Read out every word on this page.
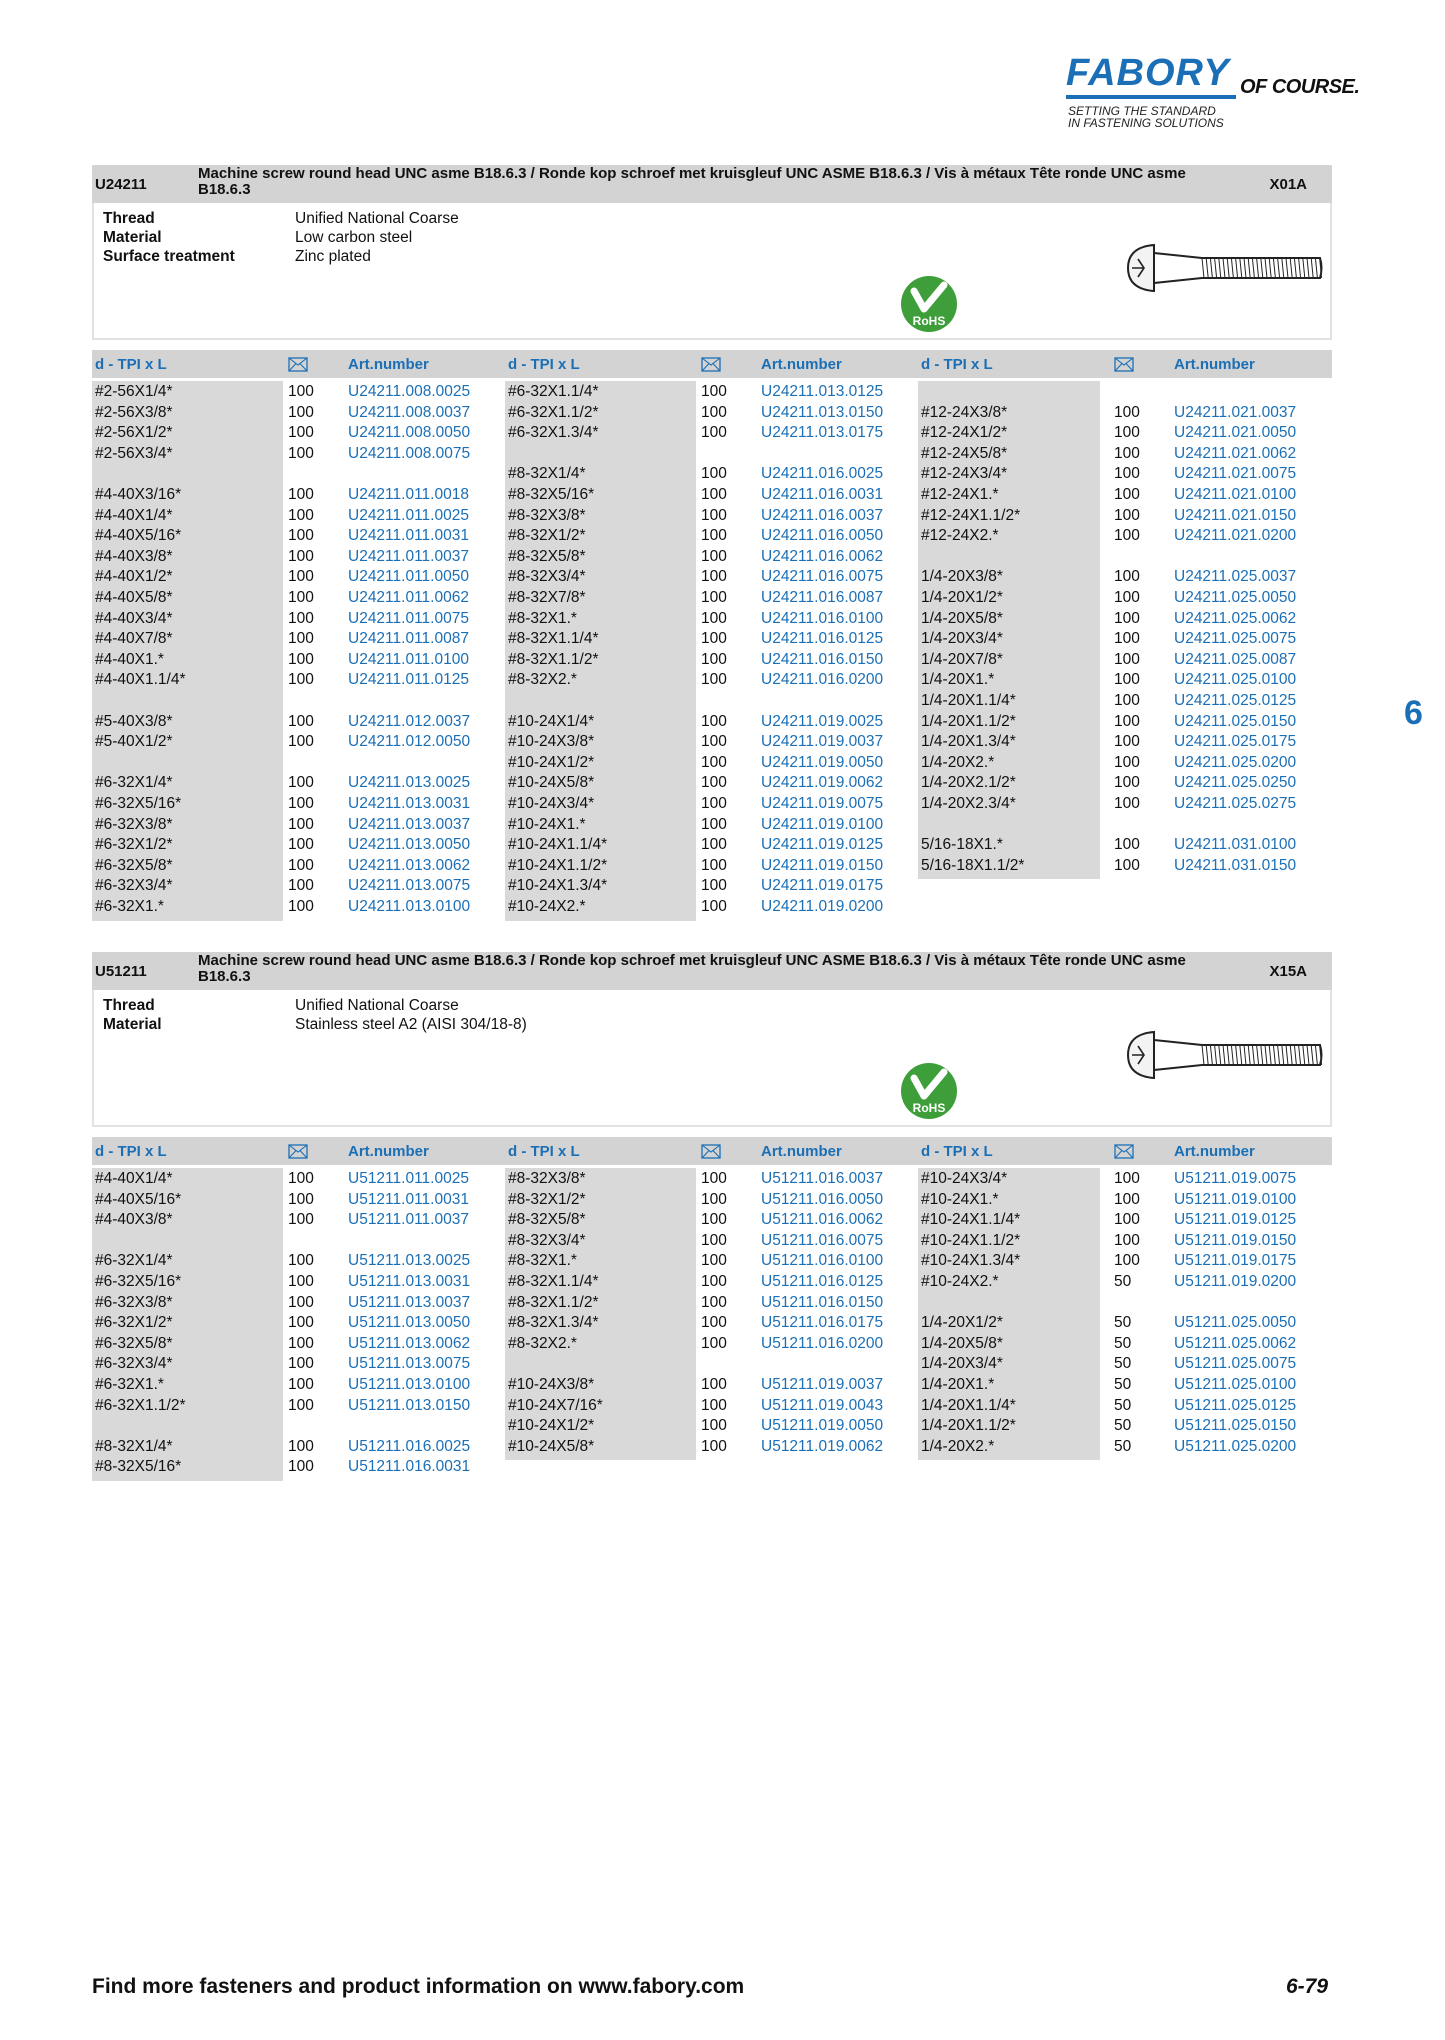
FABORY OF COURSE.
SETTING THE STANDARD
IN FASTENING SOLUTIONS
U24211
Machine screw round head UNC asme B18.6.3 / Ronde kop schroef met kruisgleuf UNC ASME B18.6.3 / Vis à métaux Tête ronde UNC asme B18.6.3	X01A
Thread	Unified National Coarse
Material	Low carbon steel
Surface treatment	Zinc plated
RoHS
d - TPI x L	Art.number	d - TPI x L	Art.number	d - TPI x L	Art.number
#2-56X1/4*	100 U24211.008.0025
#2-56X3/8*	100 U24211.008.0037
#2-56X1/2*	100 U24211.008.0050
#2-56X3/4*	100 U24211.008.0075
#4-40X3/16*	100 U24211.011.0018
#4-40X1/4*	100 U24211.011.0025
#4-40X5/16*	100 U24211.011.0031
#4-40X3/8*	100 U24211.011.0037
#4-40X1/2*	100 U24211.011.0050
#4-40X5/8*	100 U24211.011.0062
#4-40X3/4*	100 U24211.011.0075
#4-40X7/8*	100 U24211.011.0087
#4-40X1.*	100 U24211.011.0100
#4-40X1.1/4*	100 U24211.011.0125
#5-40X3/8*	100 U24211.012.0037
#5-40X1/2*	100 U24211.012.0050
#6-32X1/4*	100 U24211.013.0025
#6-32X5/16*	100 U24211.013.0031
#6-32X3/8*	100 U24211.013.0037
#6-32X1/2*	100 U24211.013.0050
#6-32X5/8*	100 U24211.013.0062
#6-32X3/4*	100 U24211.013.0075
#6-32X1.*	100 U24211.013.0100
#6-32X1.1/4*	100 U24211.013.0125
#6-32X1.1/2*	100 U24211.013.0150
#6-32X1.3/4*	100 U24211.013.0175
#8-32X1/4*	100 U24211.016.0025
#8-32X5/16*	100 U24211.016.0031
#8-32X3/8*	100 U24211.016.0037
#8-32X1/2*	100 U24211.016.0050
#8-32X5/8*	100 U24211.016.0062
#8-32X3/4*	100 U24211.016.0075
#8-32X7/8*	100 U24211.016.0087
#8-32X1.*	100 U24211.016.0100
#8-32X1.1/4*	100 U24211.016.0125
#8-32X1.1/2*	100 U24211.016.0150
#8-32X2.*	100 U24211.016.0200
#10-24X1/4*	100 U24211.019.0025
#10-24X3/8*	100 U24211.019.0037
#10-24X1/2*	100 U24211.019.0050
#10-24X5/8*	100 U24211.019.0062
#10-24X3/4*	100 U24211.019.0075
#10-24X1.*	100 U24211.019.0100
#10-24X1.1/4*	100 U24211.019.0125
#10-24X1.1/2*	100 U24211.019.0150
#10-24X1.3/4*	100 U24211.019.0175
#10-24X2.*	100 U24211.019.0200
#12-24X3/8*	100 U24211.021.0037
#12-24X1/2*	100 U24211.021.0050
#12-24X5/8*	100 U24211.021.0062
#12-24X3/4*	100 U24211.021.0075
#12-24X1.*	100 U24211.021.0100
#12-24X1.1/2*	100 U24211.021.0150
#12-24X2.*	100 U24211.021.0200
1/4-20X3/8*	100 U24211.025.0037
1/4-20X1/2*	100 U24211.025.0050
1/4-20X5/8*	100 U24211.025.0062
1/4-20X3/4*	100 U24211.025.0075
1/4-20X7/8*	100 U24211.025.0087
1/4-20X1.*	100 U24211.025.0100
1/4-20X1.1/4*	100 U24211.025.0125
1/4-20X1.1/2*	100 U24211.025.0150
1/4-20X1.3/4*	100 U24211.025.0175
1/4-20X2.*	100 U24211.025.0200
1/4-20X2.1/2*	100 U24211.025.0250
1/4-20X2.3/4*	100 U24211.025.0275
5/16-18X1.*	100 U24211.031.0100
5/16-18X1.1/2*	100 U24211.031.0150
U51211
Machine screw round head UNC asme B18.6.3 / Ronde kop schroef met kruisgleuf UNC ASME B18.6.3 / Vis à métaux Tête ronde UNC asme B18.6.3	X15A
Thread	Unified National Coarse
Material	Stainless steel A2 (AISI 304/18-8)
RoHS
d - TPI x L	Art.number	d - TPI x L	Art.number	d - TPI x L	Art.number
#4-40X1/4*	100 U51211.011.0025
#4-40X5/16*	100 U51211.011.0031
#4-40X3/8*	100 U51211.011.0037
#6-32X1/4*	100 U51211.013.0025
#6-32X5/16*	100 U51211.013.0031
#6-32X3/8*	100 U51211.013.0037
#6-32X1/2*	100 U51211.013.0050
#6-32X5/8*	100 U51211.013.0062
#6-32X3/4*	100 U51211.013.0075
#6-32X1.*	100 U51211.013.0100
#6-32X1.1/2*	100 U51211.013.0150
#8-32X1/4*	100 U51211.016.0025
#8-32X5/16*	100 U51211.016.0031
#8-32X3/8*	100 U51211.016.0037
#8-32X1/2*	100 U51211.016.0050
#8-32X5/8*	100 U51211.016.0062
#8-32X3/4*	100 U51211.016.0075
#8-32X1.*	100 U51211.016.0100
#8-32X1.1/4*	100 U51211.016.0125
#8-32X1.1/2*	100 U51211.016.0150
#8-32X1.3/4*	100 U51211.016.0175
#8-32X2.*	100 U51211.016.0200
#10-24X3/8*	100 U51211.019.0037
#10-24X7/16*	100 U51211.019.0043
#10-24X1/2*	100 U51211.019.0050
#10-24X5/8*	100 U51211.019.0062
#10-24X3/4*	100 U51211.019.0075
#10-24X1.*	100 U51211.019.0100
#10-24X1.1/4*	100 U51211.019.0125
#10-24X1.1/2*	100 U51211.019.0150
#10-24X1.3/4*	100 U51211.019.0175
#10-24X2.*	50	U51211.019.0200
1/4-20X1/2*	50	U51211.025.0050
1/4-20X5/8*	50	U51211.025.0062
1/4-20X3/4*	50	U51211.025.0075
1/4-20X1.*	50	U51211.025.0100
1/4-20X1.1/4*	50	U51211.025.0125
1/4-20X1.1/2*	50	U51211.025.0150
1/4-20X2.*	50	U51211.025.0200
6
Find more fasteners and product information on www.fabory.com	6-79
